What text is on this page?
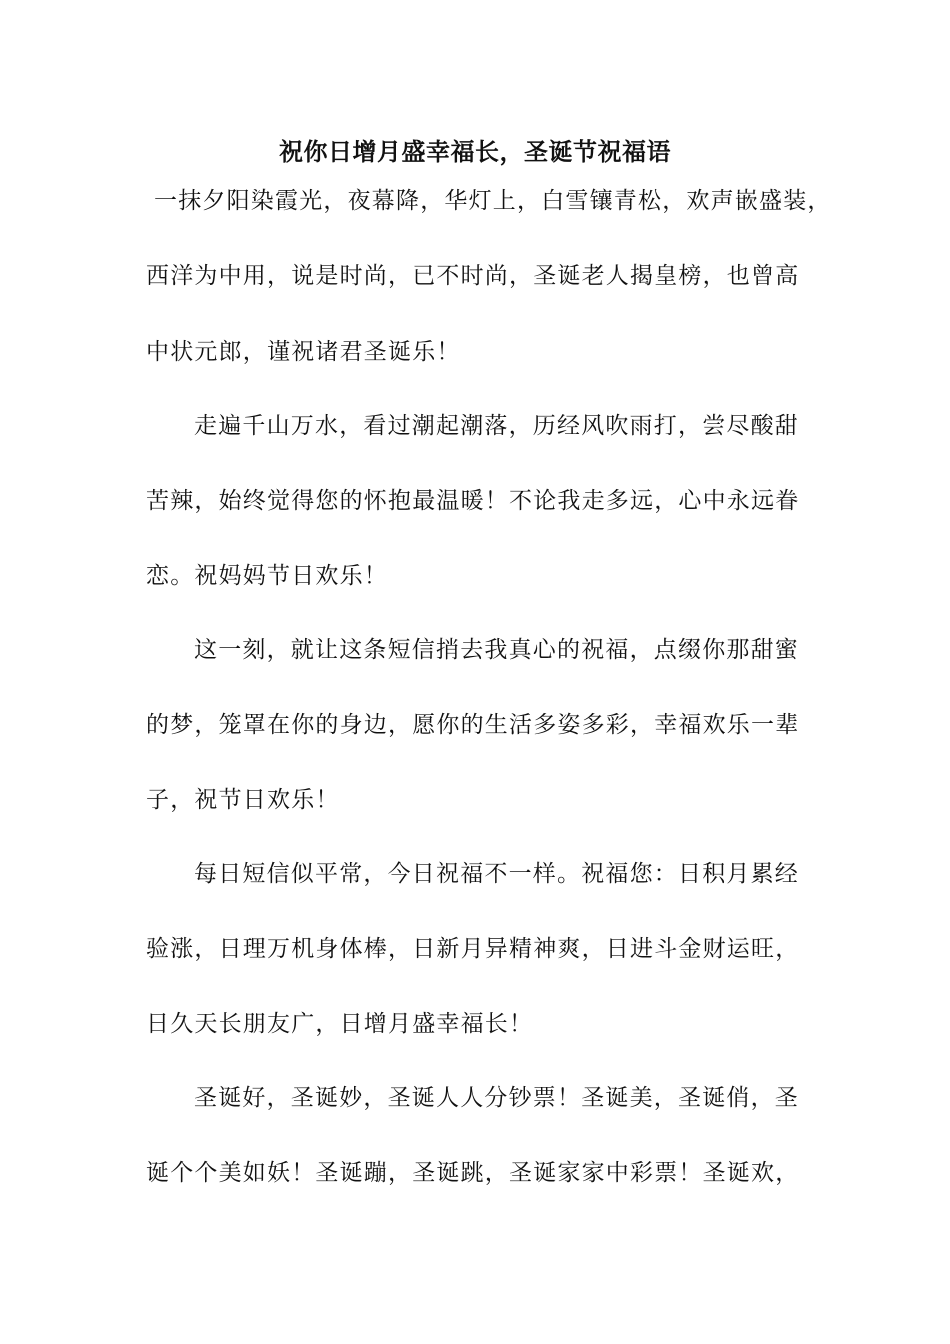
祝你日增月盛幸福长，圣诞节祝福语
一抹夕阳染霞光，夜幕降，华灯上，白雪镶青松，欢声嵌盛装，
西洋为中用，说是时尚，已不时尚，圣诞老人揭皇榜，也曾高
中状元郎，谨祝诸君圣诞乐！
走遍千山万水，看过潮起潮落，历经风吹雨打，尝尽酸甜
苦辣，始终觉得您的怀抱最温暖！不论我走多远，心中永远眷
恋。祝妈妈节日欢乐！
这一刻，就让这条短信捎去我真心的祝福，点缀你那甜蜜
的梦，笼罩在你的身边，愿你的生活多姿多彩，幸福欢乐一辈
子，祝节日欢乐！
每日短信似平常，今日祝福不一样。祝福您：日积月累经
验涨，日理万机身体棒，日新月异精神爽，日进斗金财运旺，
日久天长朋友广，日增月盛幸福长！
圣诞好，圣诞妙，圣诞人人分钞票！圣诞美，圣诞俏，圣
诞个个美如妖！圣诞蹦，圣诞跳，圣诞家家中彩票！圣诞欢，
